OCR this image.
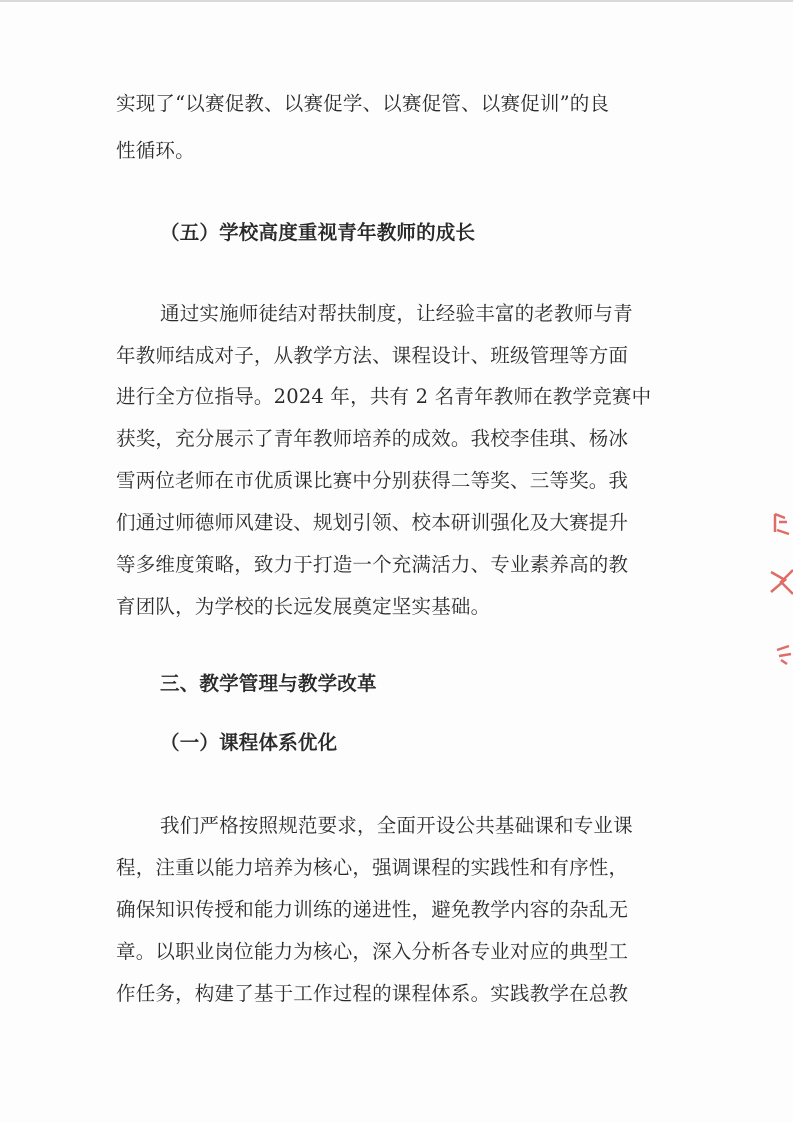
实现了“以赛促教、以赛促学、以赛促管、以赛促训”的良
性循环。
（五）学校高度重视青年教师的成长
通过实施师徒结对帮扶制度，让经验丰富的老教师与青
年教师结成对子，从教学方法、课程设计、班级管理等方面
进行全方位指导。2024 年，共有 2 名青年教师在教学竞赛中
获奖，充分展示了青年教师培养的成效。我校李佳琪、杨冰
雪两位老师在市优质课比赛中分别获得二等奖、三等奖。我
们通过师德师风建设、规划引领、校本研训强化及大赛提升
等多维度策略，致力于打造一个充满活力、专业素养高的教
育团队，为学校的长远发展奠定坚实基础。
三、教学管理与教学改革
（一）课程体系优化
我们严格按照规范要求，全面开设公共基础课和专业课
程，注重以能力培养为核心，强调课程的实践性和有序性，
确保知识传授和能力训练的递进性，避免教学内容的杂乱无
章。以职业岗位能力为核心，深入分析各专业对应的典型工
作任务，构建了基于工作过程的课程体系。实践教学在总教
